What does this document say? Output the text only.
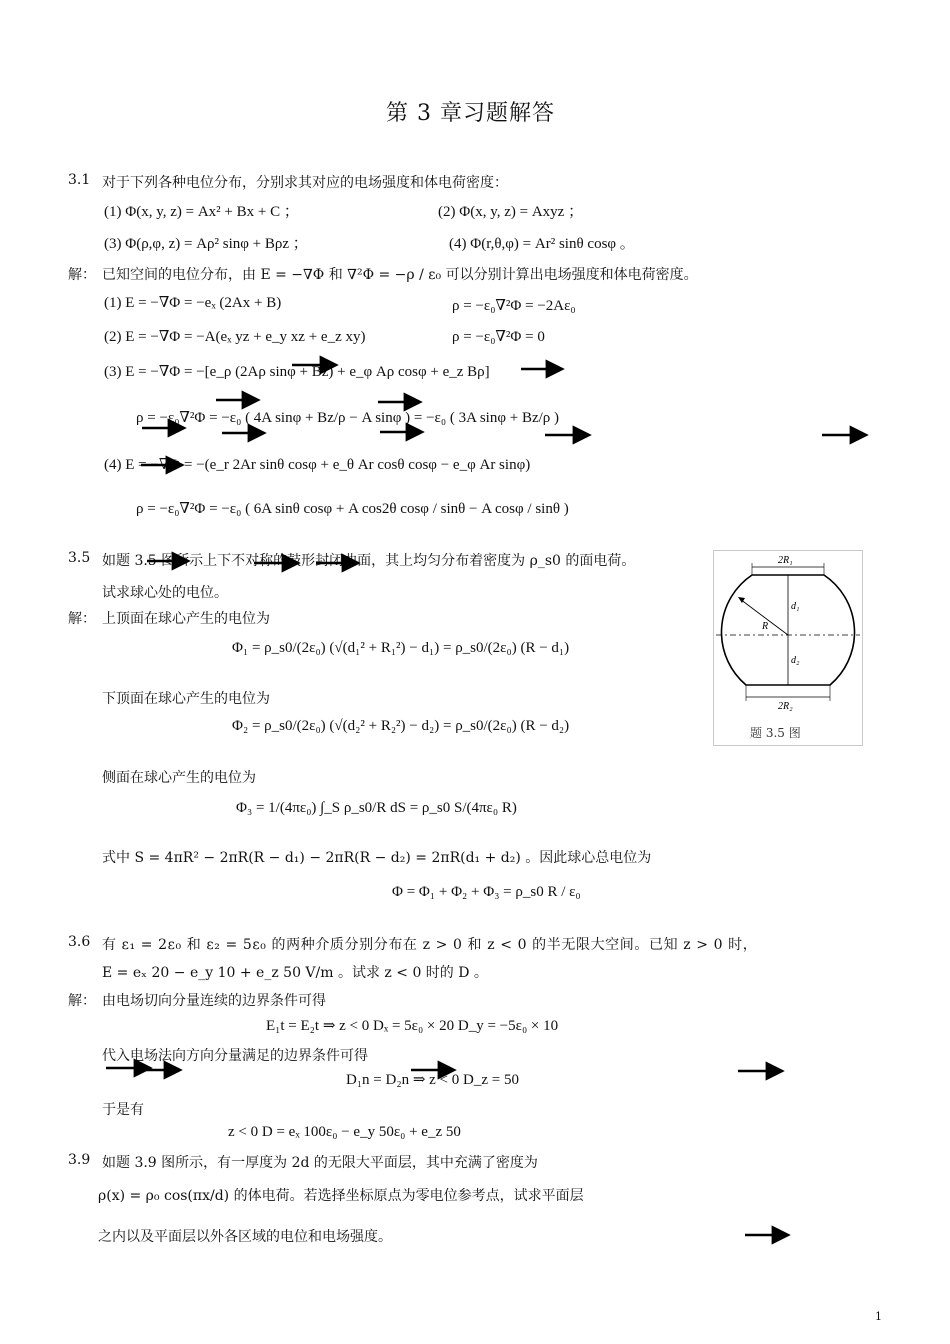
第 3 章习题解答
3.1 对于下列各种电位分布，分别求其对应的电场强度和体电荷密度：
(1) Φ(x, y, z) = Ax² + Bx + C ；	(2) Φ(x, y, z) = Axyz ；
(3) Φ(ρ,φ, z) = Aρ² sinφ + Bρz ；	(4) Φ(r,θ,φ) = Ar² sinθ cosφ 。
解： 已知空间的电位分布，由 E = −∇Φ 和 ∇²Φ = −ρ / ε₀ 可以分别计算出电场强度和体电荷密度。
(1) E = −∇Φ = −eₓ (2Ax + B)	ρ = −ε₀∇²Φ = −2Aε₀
(2) E = −∇Φ = −A(eₓ yz + e_y xz + e_z xy)	ρ = −ε₀∇²Φ = 0
(3) E = −∇Φ = −[e_ρ (2Aρ sinφ + Bz) + e_φ Aρ cosφ + e_z Bρ]
ρ = −ε₀∇²Φ = −ε₀ ( 4A sinφ + Bz/ρ − A sinφ ) = −ε₀ ( 3A sinφ + Bz/ρ )
(4) E = −∇Φ = −(e_r 2Ar sinθ cosφ + e_θ Ar cosθ cosφ − e_φ Ar sinφ)
ρ = −ε₀∇²Φ = −ε₀ ( 6A sinθ cosφ + A cos2θ cosφ / sinθ − A cosφ / sinθ )
3.5 如题 3.5 图所示上下不对称的鼓形封闭曲面，其上均匀分布着密度为 ρ_s0 的面电荷。
试求球心处的电位。
解： 上顶面在球心产生的电位为
Φ₁ = ρ_s0/(2ε₀) (√(d₁² + R₁²) − d₁) = ρ_s0/(2ε₀) (R − d₁)
下顶面在球心产生的电位为
Φ₂ = ρ_s0/(2ε₀) (√(d₂² + R₂²) − d₂) = ρ_s0/(2ε₀) (R − d₂)
侧面在球心产生的电位为
Φ₃ = 1/(4πε₀) ∫_S ρ_s0/R dS = ρ_s0 S/(4πε₀ R)
式中 S = 4πR² − 2πR(R − d₁) − 2πR(R − d₂) = 2πR(d₁ + d₂) 。因此球心总电位为
Φ = Φ₁ + Φ₂ + Φ₃ = ρ_s0 R / ε₀
2R₁
R
d₁
d₂
2R₂
题 3.5 图
3.6 有 ε₁ = 2ε₀ 和 ε₂ = 5ε₀ 的两种介质分别分布在 z > 0 和 z < 0 的半无限大空间。已知 z > 0 时，
E = eₓ 20 − e_y 10 + e_z 50 V/m 。试求 z < 0 时的 D 。
解： 由电场切向分量连续的边界条件可得
E₁t = E₂t ⇒ z < 0 Dₓ = 5ε₀ × 20 D_y = −5ε₀ × 10
代入电场法向方向分量满足的边界条件可得
D₁n = D₂n ⇒ z < 0 D_z = 50
于是有
z < 0 D = eₓ 100ε₀ − e_y 50ε₀ + e_z 50
3.9 如题 3.9 图所示，有一厚度为 2d 的无限大平面层，其中充满了密度为
ρ(x) = ρ₀ cos(πx/d) 的体电荷。若选择坐标原点为零电位参考点，试求平面层
之内以及平面层以外各区域的电位和电场强度。
1
